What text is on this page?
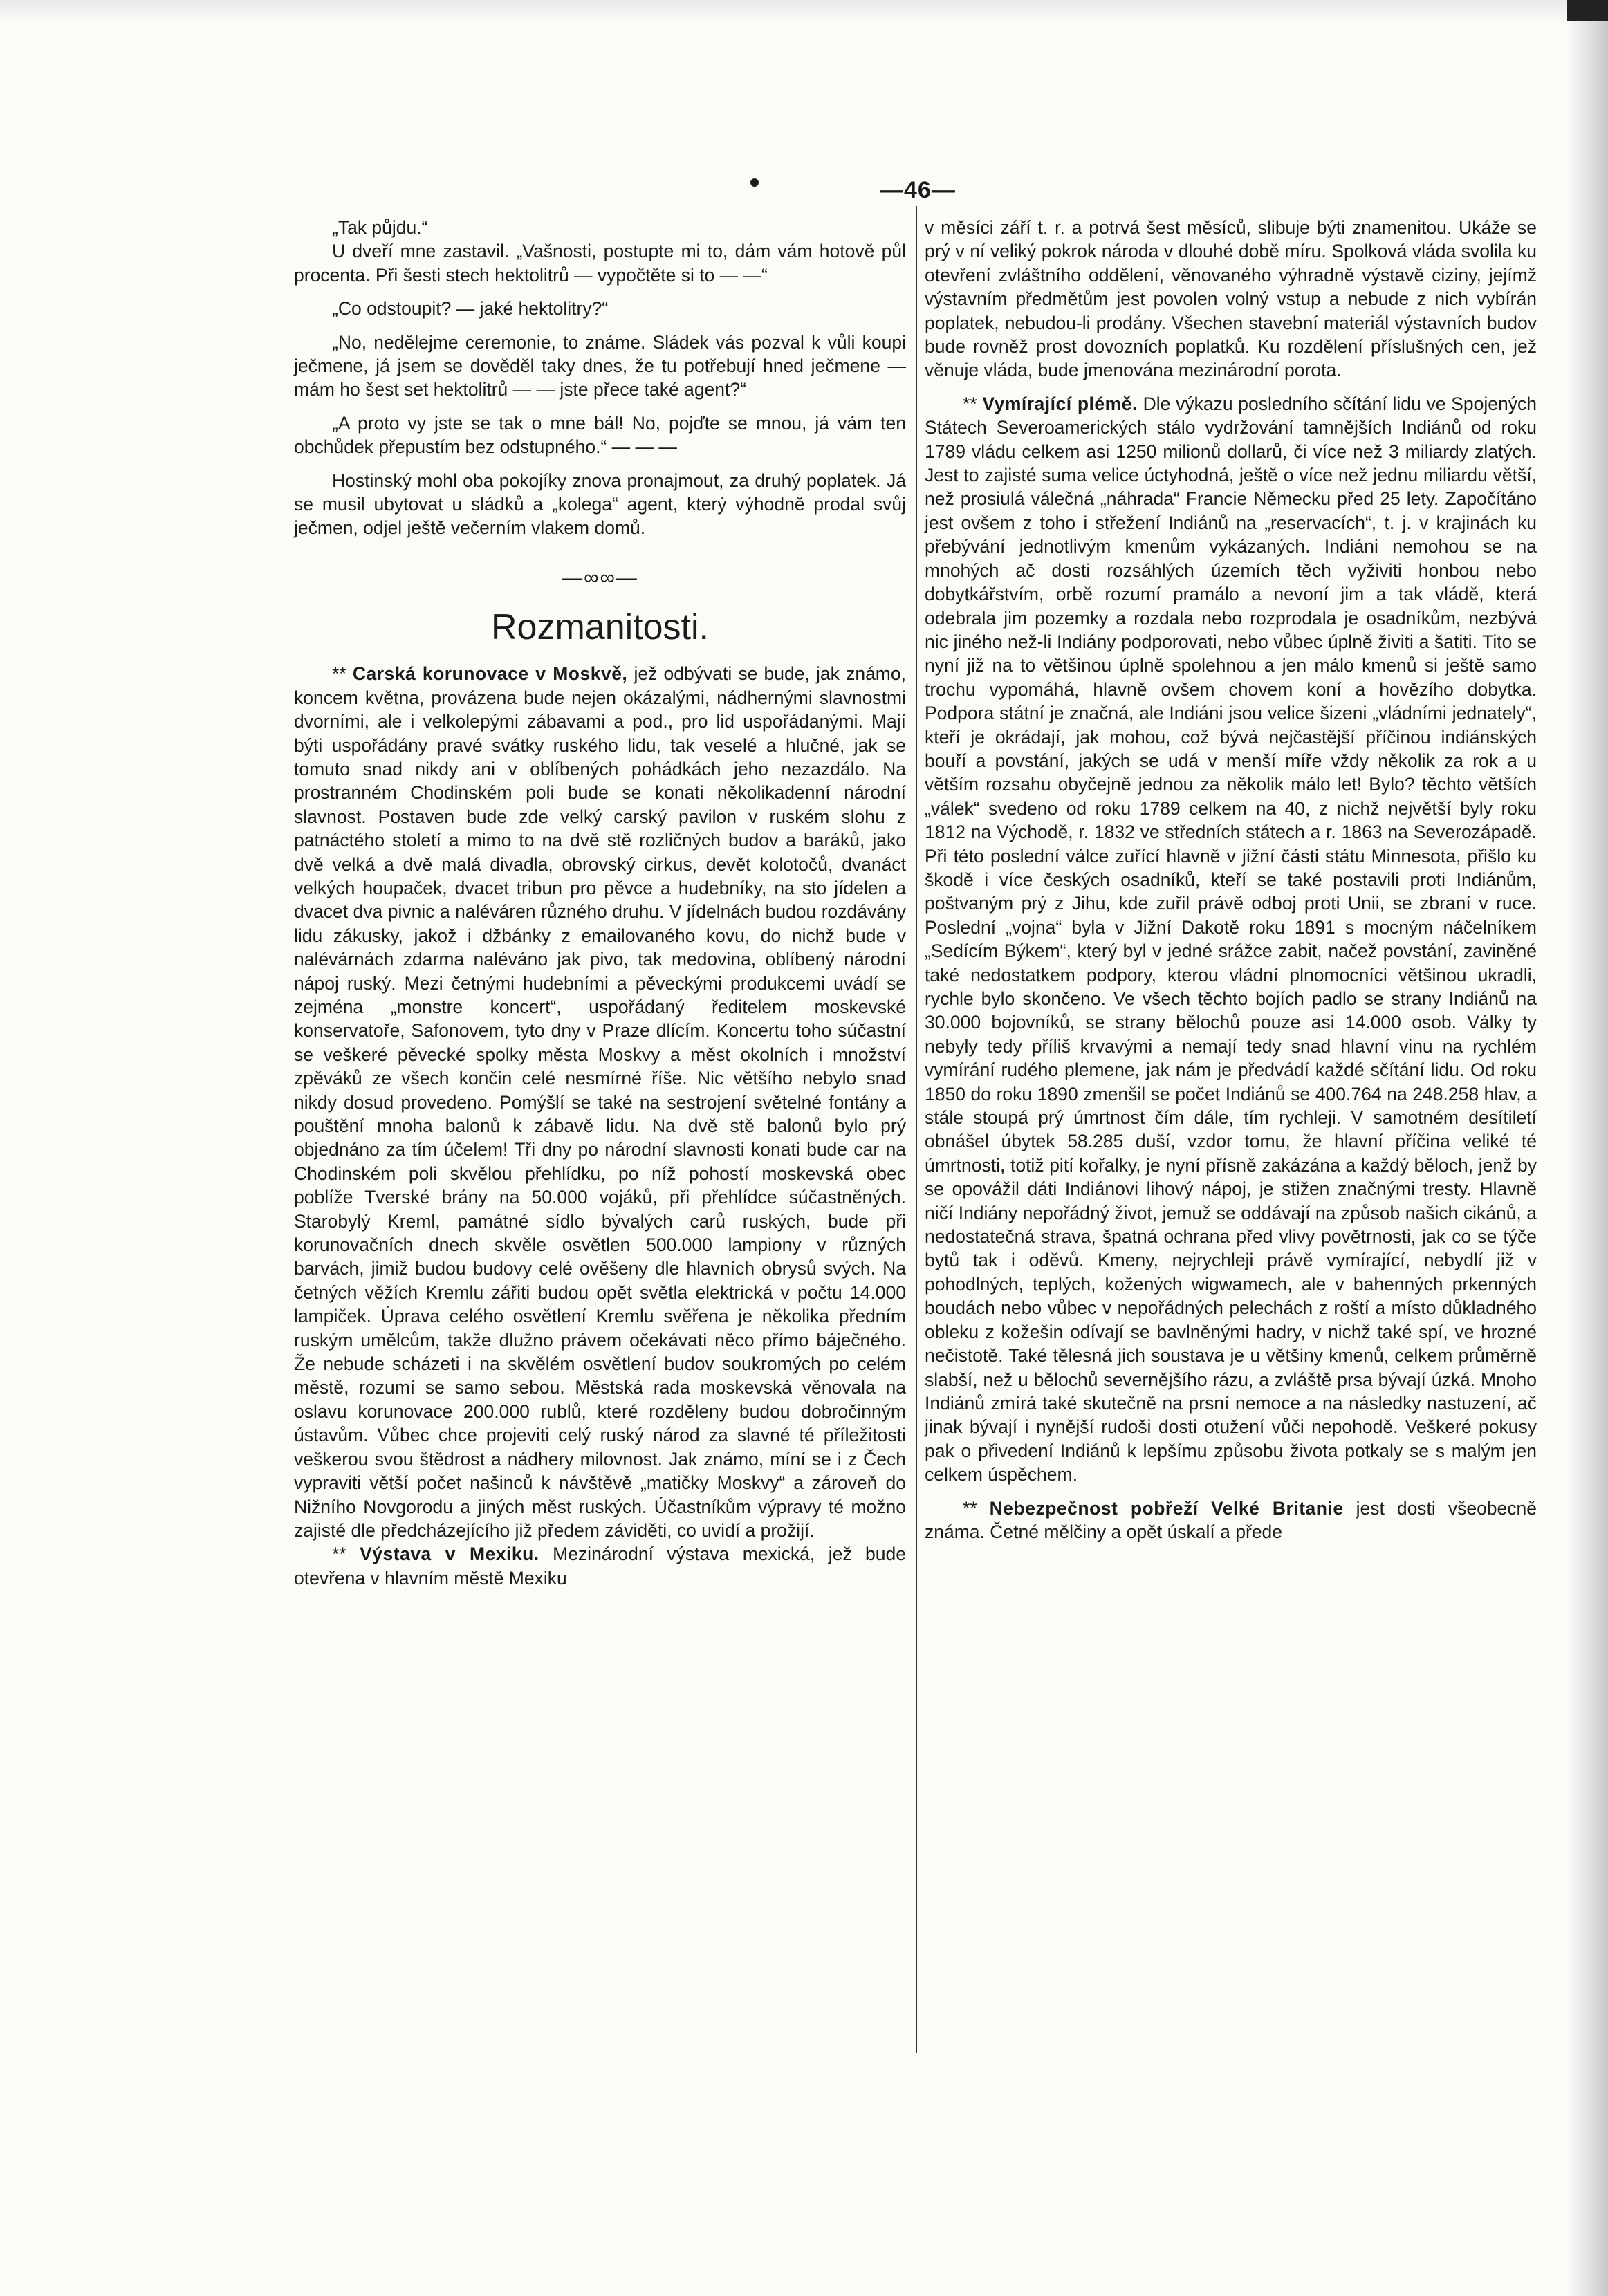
—46—

„Tak půjdu.“

U dveří mne zastavil. „Vašnosti, postupte mi to, dám vám hotově půl procenta. Při šesti stech hektolitrů — vypočtěte si to — —“

„Co odstoupit? — jaké hektolitry?“

„No, nedělejme ceremonie, to známe. Sládek vás pozval k vůli koupi ječmene, já jsem se dověděl taky dnes, že tu potřebují hned ječmene — mám ho šest set hektolitrů — — jste přece také agent?“

„A proto vy jste se tak o mne bál! No, pojďte se mnou, já vám ten obchůdek přepustím bez odstupného.“ — — —

Hostinský mohl oba pokojíky znova pronajmout, za druhý poplatek. Já se musil ubytovat u sládků a „kolega“ agent, který výhodně prodal svůj ječmen, odjel ještě večerním vlakem domů.

—∞∞—
Rozmanitosti.

** Carská korunovace v Moskvě, jež odbývati se bude, jak známo, koncem května, provázena bude nejen okázalými, nádhernými slavnostmi dvorními, ale i velkolepými zábavami a pod., pro lid uspořádanými. Mají býti uspořádány pravé svátky ruského lidu, tak veselé a hlučné, jak se tomuto snad nikdy ani v oblíbených pohádkách jeho nezazdálo. Na prostranném Chodinském poli bude se konati několikadenní národní slavnost. Postaven bude zde velký carský pavilon v ruském slohu z patnáctého století a mimo to na dvě stě rozličných budov a baráků, jako dvě velká a dvě malá divadla, obrovský cirkus, devět kolotočů, dvanáct velkých houpaček, dvacet tribun pro pěvce a hudebníky, na sto jídelen a dvacet dva pivnic a naléváren různého druhu. V jídelnách budou rozdávány lidu zákusky, jakož i džbánky z emailovaného kovu, do nichž bude v nalévárnách zdarma naléváno jak pivo, tak medovina, oblíbený národní nápoj ruský. Mezi četnými hudebními a pěveckými produkcemi uvádí se zejména „monstre koncert“, uspořádaný ředitelem moskevské konservatoře, Safonovem, tyto dny v Praze dlícím. Koncertu toho súčastní se veškeré pěvecké spolky města Moskvy a měst okolních i množství zpěváků ze všech končin celé nesmírné říše. Nic většího nebylo snad nikdy dosud provedeno. Pomýšlí se také na sestrojení světelné fontány a pouštění mnoha balonů k zábavě lidu. Na dvě stě balonů bylo prý objednáno za tím účelem! Tři dny po národní slavnosti konati bude car na Chodinském poli skvělou přehlídku, po níž pohostí moskevská obec poblíže Tverské brány na 50.000 vojáků, při přehlídce súčastněných. Starobylý Kreml, památné sídlo bývalých carů ruských, bude při korunovačních dnech skvěle osvětlen 500.000 lampiony v různých barvách, jimiž budou budovy celé ověšeny dle hlavních obrysů svých. Na četných věžích Kremlu zářiti budou opět světla elektrická v počtu 14.000 lampiček. Úprava celého osvětlení Kremlu svěřena je několika předním ruským umělcům, takže dlužno právem očekávati něco přímo báječného. Že nebude scházeti i na skvělém osvětlení budov soukromých po celém městě, rozumí se samo sebou. Městská rada moskevská věnovala na oslavu korunovace 200.000 rublů, které rozděleny budou dobročinným ústavům. Vůbec chce projeviti celý ruský národ za slavné té příležitosti veškerou svou štědrost a nádhery milovnost. Jak známo, míní se i z Čech vypraviti větší počet našinců k návštěvě „matičky Moskvy“ a zároveň do Nižního Novgorodu a jiných měst ruských. Účastníkům výpravy té možno zajisté dle předcházejícího již předem záviděti, co uvidí a prožijí.

** Výstava v Mexiku. Mezinárodní výstava mexická, jež bude otevřena v hlavním městě Mexiku

v měsíci září t. r. a potrvá šest měsíců, slibuje býti znamenitou. Ukáže se prý v ní veliký pokrok národa v dlouhé době míru. Spolková vláda svolila ku otevření zvláštního oddělení, věnovaného výhradně výstavě ciziny, jejímž výstavním předmětům jest povolen volný vstup a nebude z nich vybírán poplatek, nebudou-li prodány. Všechen stavební materiál výstavních budov bude rovněž prost dovozních poplatků. Ku rozdělení příslušných cen, jež věnuje vláda, bude jmenována mezinárodní porota.

** Vymírající plémě. Dle výkazu posledního sčítání lidu ve Spojených Státech Severoamerických stálo vydržování tamnějších Indiánů od roku 1789 vládu celkem asi 1250 milionů dollarů, či více než 3 miliardy zlatých. Jest to zajisté suma velice úctyhodná, ještě o více než jednu miliardu větší, než prosiulá válečná „náhrada“ Francie Německu před 25 lety. Započítáno jest ovšem z toho i střežení Indiánů na „reservacích“, t. j. v krajinách ku přebývání jednotlivým kmenům vykázaných. Indiáni nemohou se na mnohých ač dosti rozsáhlých územích těch vyživiti honbou nebo dobytkářstvím, orbě rozumí pramálo a nevoní jim a tak vládě, která odebrala jim pozemky a rozdala nebo rozprodala je osadníkům, nezbývá nic jiného než-li Indiány podporovati, nebo vůbec úplně živiti a šatiti. Tito se nyní již na to většinou úplně spolehnou a jen málo kmenů si ještě samo trochu vypomáhá, hlavně ovšem chovem koní a hovězího dobytka. Podpora státní je značná, ale Indiáni jsou velice šizeni „vládními jednately“, kteří je okrádají, jak mohou, což bývá nejčastější příčinou indiánských bouří a povstání, jakých se udá v menší míře vždy několik za rok a u větším rozsahu obyčejně jednou za několik málo let! Bylo? těchto větších „válek“ svedeno od roku 1789 celkem na 40, z nichž největší byly roku 1812 na Východě, r. 1832 ve středních státech a r. 1863 na Severozápadě. Při této poslední válce zuřící hlavně v jižní části státu Minnesota, přišlo ku škodě i více českých osadníků, kteří se také postavili proti Indiánům, poštvaným prý z Jihu, kde zuřil právě odboj proti Unii, se zbraní v ruce. Poslední „vojna“ byla v Jižní Dakotě roku 1891 s mocným náčelníkem „Sedícím Býkem“, který byl v jedné srážce zabit, načež povstání, zaviněné také nedostatkem podpory, kterou vládní plnomocníci většinou ukradli, rychle bylo skončeno. Ve všech těchto bojích padlo se strany Indiánů na 30.000 bojovníků, se strany bělochů pouze asi 14.000 osob. Války ty nebyly tedy příliš krvavými a nemají tedy snad hlavní vinu na rychlém vymírání rudého plemene, jak nám je předvádí každé sčítání lidu. Od roku 1850 do roku 1890 zmenšil se počet Indiánů se 400.764 na 248.258 hlav, a stále stoupá prý úmrtnost čím dále, tím rychleji. V samotném desítiletí obnášel úbytek 58.285 duší, vzdor tomu, že hlavní příčina veliké té úmrtnosti, totiž pití kořalky, je nyní přísně zakázána a každý běloch, jenž by se opovážil dáti Indiánovi lihový nápoj, je stižen značnými tresty. Hlavně ničí Indiány nepořádný život, jemuž se oddávají na způsob našich cikánů, a nedostatečná strava, špatná ochrana před vlivy povětrnosti, jak co se týče bytů tak i oděvů. Kmeny, nejrychleji právě vymírající, nebydlí již v pohodlných, teplých, kožených wigwamech, ale v bahenných prkenných boudách nebo vůbec v nepořádných pelechách z roští a místo důkladného obleku z kožešin odívají se bavlněnými hadry, v nichž také spí, ve hrozné nečistotě. Také tělesná jich soustava je u většiny kmenů, celkem průměrně slabší, než u bělochů severnějšího rázu, a zvláště prsa bývají úzká. Mnoho Indiánů zmírá také skutečně na prsní nemoce a na následky nastuzení, ač jinak bývají i nynější rudoši dosti otužení vůči nepohodě. Veškeré pokusy pak o přivedení Indiánů k lepšímu způsobu života potkaly se s malým jen celkem úspěchem.

** Nebezpečnost pobřeží Velké Britanie jest dosti všeobecně známa. Četné mělčiny a opět úskalí a přede
